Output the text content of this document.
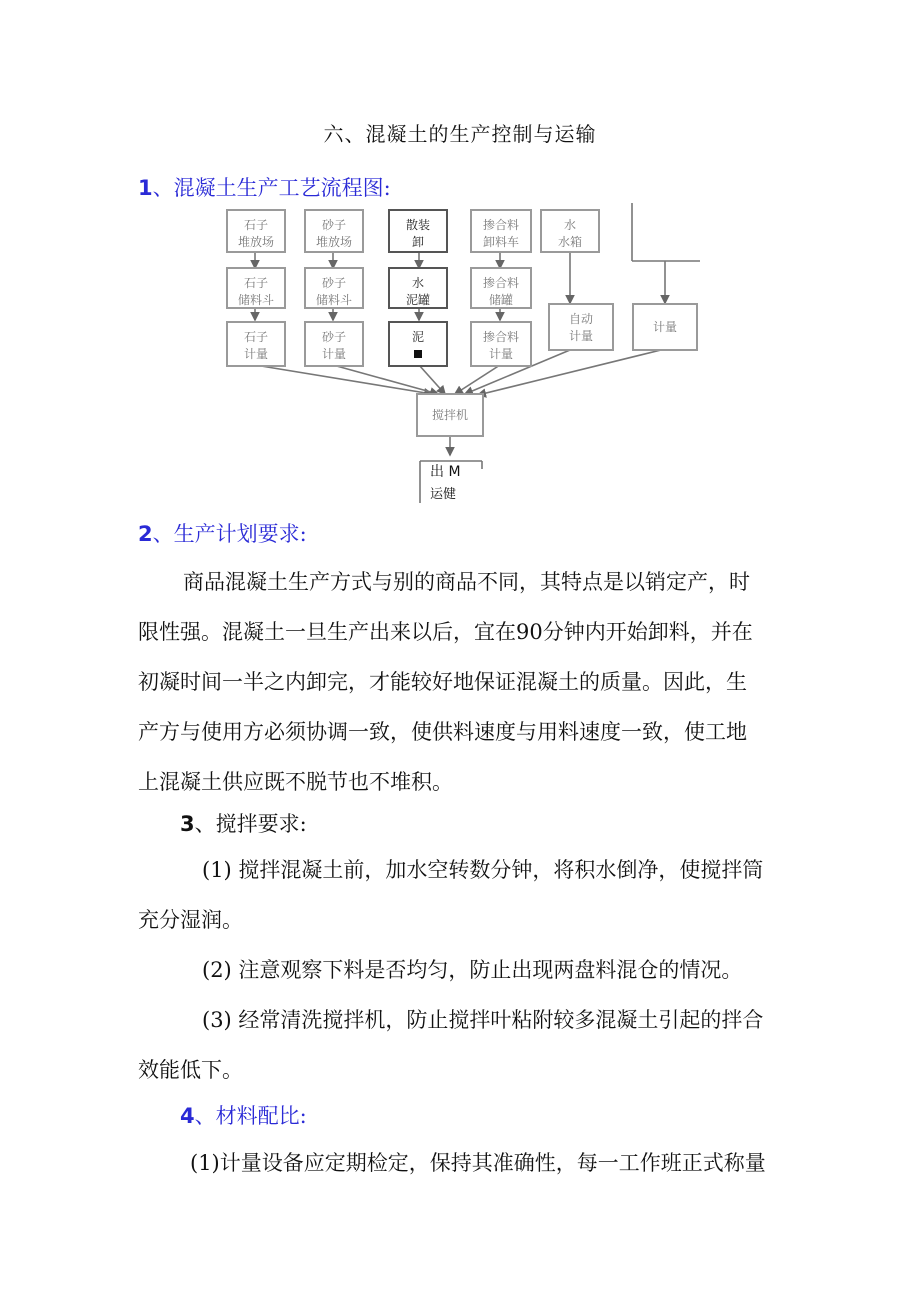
六、混凝土的生产控制与运输
1、混凝土生产工艺流程图:
石子
堆放场
砂子
堆放场
散装
卸
掺合料
卸料车
水
水箱
石子
储料斗
砂子
储料斗
水
泥罐
掺合料
储罐
石子
计量
砂子
计量
泥	掺合料
计量
自动
计量
计量
搅拌机
出 M
运健
2、生产计划要求:
商品混凝土生产方式与别的商品不同，其特点是以销定产，时
限性强。混凝土一旦生产出来以后，宜在90分钟内开始卸料，并在
初凝时间一半之内卸完，才能较好地保证混凝土的质量。因此，生
产方与使用方必须协调一致，使供料速度与用料速度一致，使工地
上混凝土供应既不脱节也不堆积。
3、搅拌要求:
(1) 搅拌混凝土前，加水空转数分钟，将积水倒净，使搅拌筒
充分湿润。
(2) 注意观察下料是否均匀，防止出现两盘料混仓的情况。
(3) 经常清洗搅拌机，防止搅拌叶粘附较多混凝土引起的拌合
效能低下。
4、材料配比:
(1)计量设备应定期检定，保持其准确性，每一工作班正式称量
